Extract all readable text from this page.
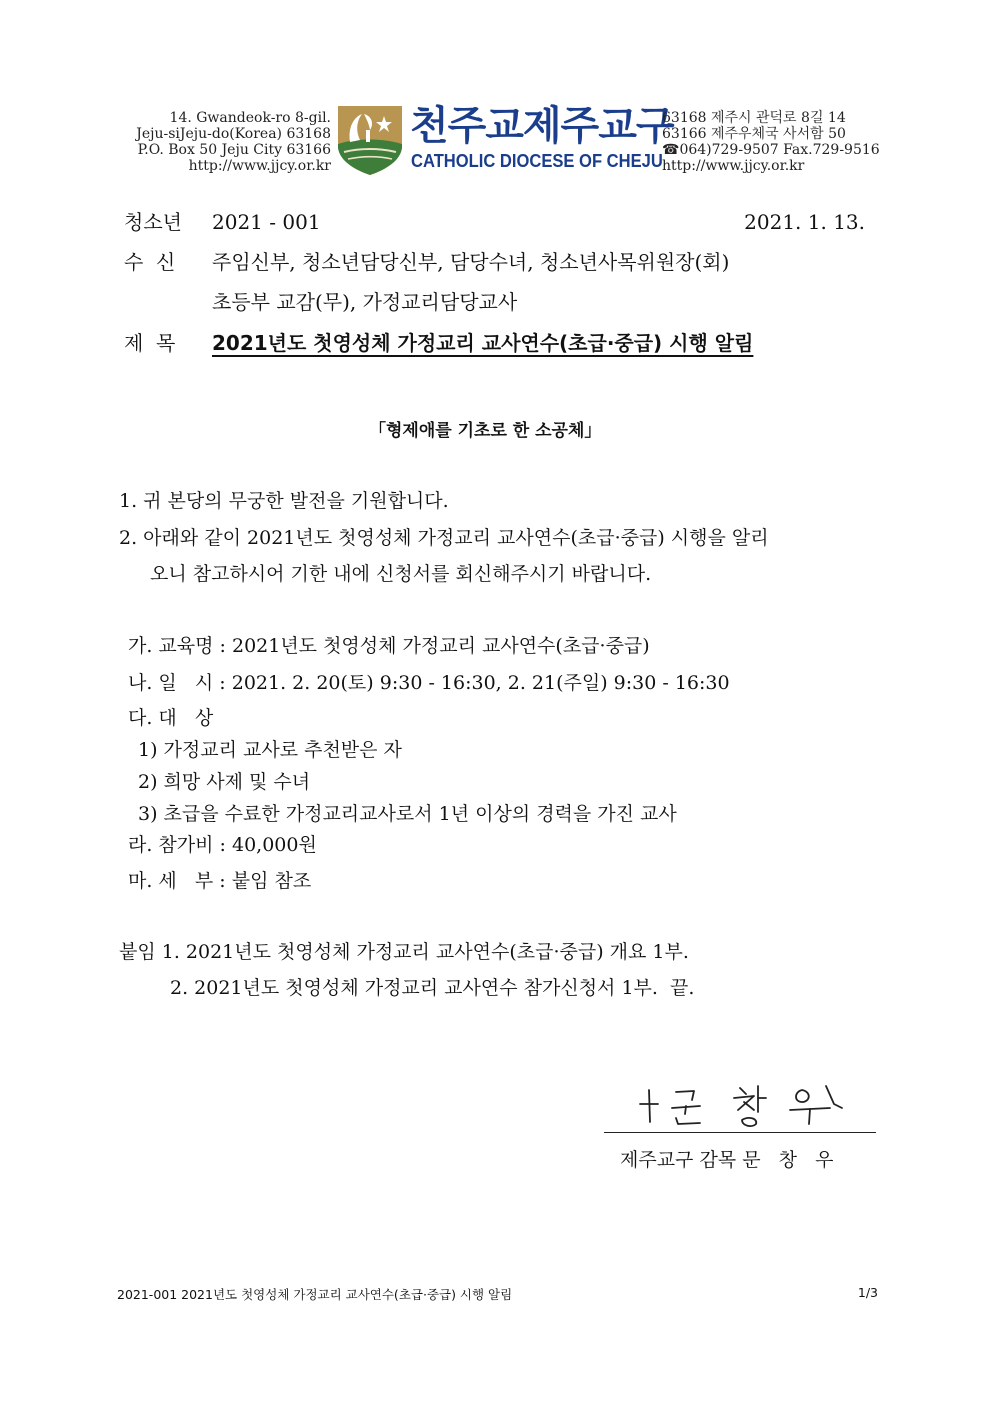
14. Gwandeok-ro 8-gil.
Jeju-siJeju-do(Korea) 63168
P.O. Box 50 Jeju City 63166
http://www.jjcy.or.kr
천주교제주교구
CATHOLIC DIOCESE OF CHEJU
63168 제주시 관덕로 8길 14
63166 제주우체국 사서함 50
☎064)729-9507 Fax.729-9516
http://www.jjcy.or.kr
청소년 2021 - 001	2021. 1. 13.
수  신 주임신부, 청소년담당신부, 담당수녀, 청소년사목위원장(회)
초등부 교감(무), 가정교리담당교사
제  목 2021년도 첫영성체 가정교리 교사연수(초급·중급) 시행 알림
「형제애를 기초로 한 소공체」
1. 귀 본당의 무궁한 발전을 기원합니다.
2. 아래와 같이 2021년도 첫영성체 가정교리 교사연수(초급·중급) 시행을 알리
오니 참고하시어 기한 내에 신청서를 회신해주시기 바랍니다.
가. 교육명 : 2021년도 첫영성체 가정교리 교사연수(초급·중급)
나. 일   시 : 2021. 2. 20(토) 9:30 - 16:30, 2. 21(주일) 9:30 - 16:30
다. 대   상
1) 가정교리 교사로 추천받은 자
2) 희망 사제 및 수녀
3) 초급을 수료한 가정교리교사로서 1년 이상의 경력을 가진 교사
라. 참가비 : 40,000원
마. 세   부 : 붙임 참조
붙임 1. 2021년도 첫영성체 가정교리 교사연수(초급·중급) 개요 1부.
2. 2021년도 첫영성체 가정교리 교사연수 참가신청서 1부.  끝.
제주교구 감목 문   창   우
2021-001 2021년도 첫영성체 가정교리 교사연수(초급·중급) 시행 알림	1/3
